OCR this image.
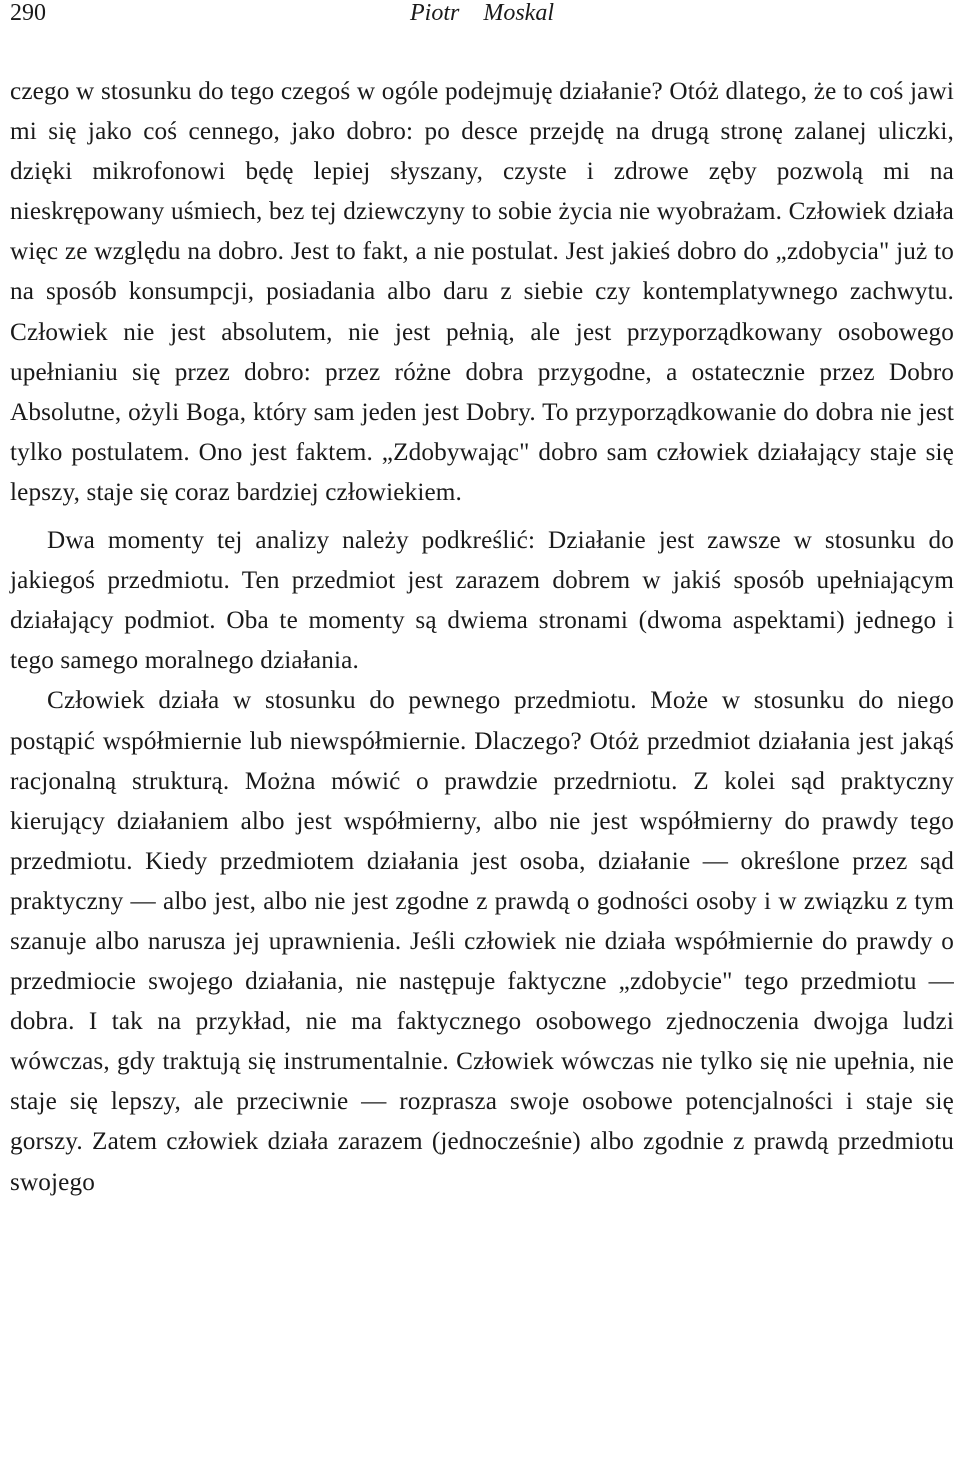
290	Piotr Moskal

czego w stosunku do tego czegoś w ogóle podejmuję działanie? Otóż dlatego, że to coś jawi mi się jako coś cennego, jako dobro: po desce przejdę na drugą stronę zalanej uliczki, dzięki mikrofonowi będę lepiej słyszany, czyste i zdrowe zęby pozwolą mi na nieskrępowany uśmiech, bez tej dziewczyny to sobie życia nie wyobrażam. Człowiek działa więc ze względu na dobro. Jest to fakt, a nie postulat. Jest jakieś dobro do „zdobycia" już to na sposób konsumpcji, posiadania albo daru z siebie czy kontemplatywnego zachwytu. Człowiek nie jest absolutem, nie jest pełnią, ale jest przyporządkowany osobowego upełnianiu się przez dobro: przez różne dobra przygodne, a ostatecznie przez Dobro Absolutne, ożyli Boga, który sam jeden jest Dobry. To przyporządkowanie do dobra nie jest tylko postulatem. Ono jest faktem. „Zdobywając" dobro sam człowiek działający staje się lepszy, staje się coraz bardziej człowiekiem.

Dwa momenty tej analizy należy podkreślić: Działanie jest zawsze w stosunku do jakiegoś przedmiotu. Ten przedmiot jest zarazem dobrem w jakiś sposób upełniającym działający podmiot. Oba te momenty są dwiema stronami (dwoma aspektami) jednego i tego samego moralnego działania.

Człowiek działa w stosunku do pewnego przedmiotu. Może w stosunku do niego postąpić współmiernie lub niewspółmiernie. Dlaczego? Otóż przedmiot działania jest jakąś racjonalną strukturą. Można mówić o prawdzie przedrniotu. Z kolei sąd praktyczny kierujący działaniem albo jest współmierny, albo nie jest współmierny do prawdy tego przedmiotu. Kiedy przedmiotem działania jest osoba, działanie — określone przez sąd praktyczny — albo jest, albo nie jest zgodne z prawdą o godności osoby i w związku z tym szanuje albo narusza jej uprawnienia. Jeśli człowiek nie działa współmiernie do prawdy o przedmiocie swojego działania, nie następuje faktyczne „zdobycie" tego przedmiotu — dobra. I tak na przykład, nie ma faktycznego osobowego zjednoczenia dwojga ludzi wówczas, gdy traktują się instrumentalnie. Człowiek wówczas nie tylko się nie upełnia, nie staje się lepszy, ale przeciwnie — rozprasza swoje osobowe potencjalności i staje się gorszy. Zatem człowiek działa zarazem (jednocześnie) albo zgodnie z prawdą przedmiotu swojego
